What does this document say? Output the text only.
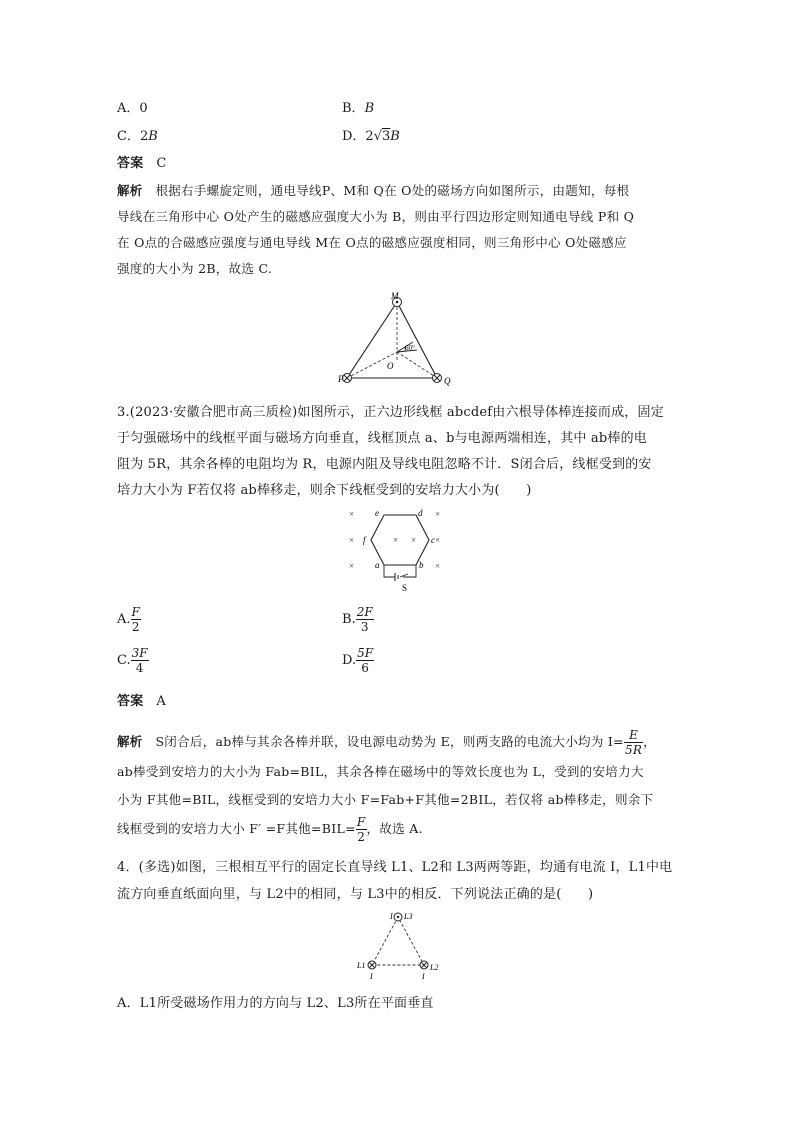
A．0	B．B
C．2B	D．2√3B
答案 C
解析 根据右手螺旋定则，通电导线P、M和 Q在 O处的磁场方向如图所示，由题知，每根
导线在三角形中心 O处产生的磁感应强度大小为 B，则由平行四边形定则知通电导线 P和 Q
在 O点的合磁感应强度与通电导线 M在 O点的磁感应强度相同，则三角形中心 O处磁感应
强度的大小为 2B，故选 C.
M
P	Q
O
60°
3.(2023·安徽合肥市高三质检)如图所示，正六边形线框 abcdef由六根导体棒连接而成，固定
于匀强磁场中的线框平面与磁场方向垂直，线框顶点 a、b与电源两端相连，其中 ab棒的电
阻为 5R，其余各棒的电阻均为 R，电源内阻及导线电阻忽略不计．S闭合后，线框受到的安
培力大小为 F若仅将 ab棒移走，则余下线框受到的安培力大小为(　　)
×
×
×
× ×
×
×
×
a	b
c
d
e
f
S
A. $\frac{F}{2}$	B. $\frac{2F}{3}$
C. $\frac{3F}{4}$	D. $\frac{5F}{6}$
答案 A
解析 S闭合后，ab棒与其余各棒并联，设电源电动势为 E，则两支路的电流大小均为 $I= \frac{E}{5R}$ ，
ab棒受到安培力的大小为 Fab=BIL，其余各棒在磁场中的等效长度也为 L，受到的安培力大
小为 F其他=BIL，线框受到的安培力大小 F=Fab+F其他=2BIL，若仅将 ab棒移走，则余下
线框受到的安培力大小 F′ =F其他$=BIL= \frac{F}{2}$ ，故选 A.
4．(多选)如图，三根相互平行的固定长直导线 L1、L2和 L3两两等距，均通有电流 I，L1中电
流方向垂直纸面向里，与 L2中的相同，与 L3中的相反．下列说法正确的是(　　)
I L3
L1	L2
I	I
A．L1所受磁场作用力的方向与 L2、L3所在平面垂直
